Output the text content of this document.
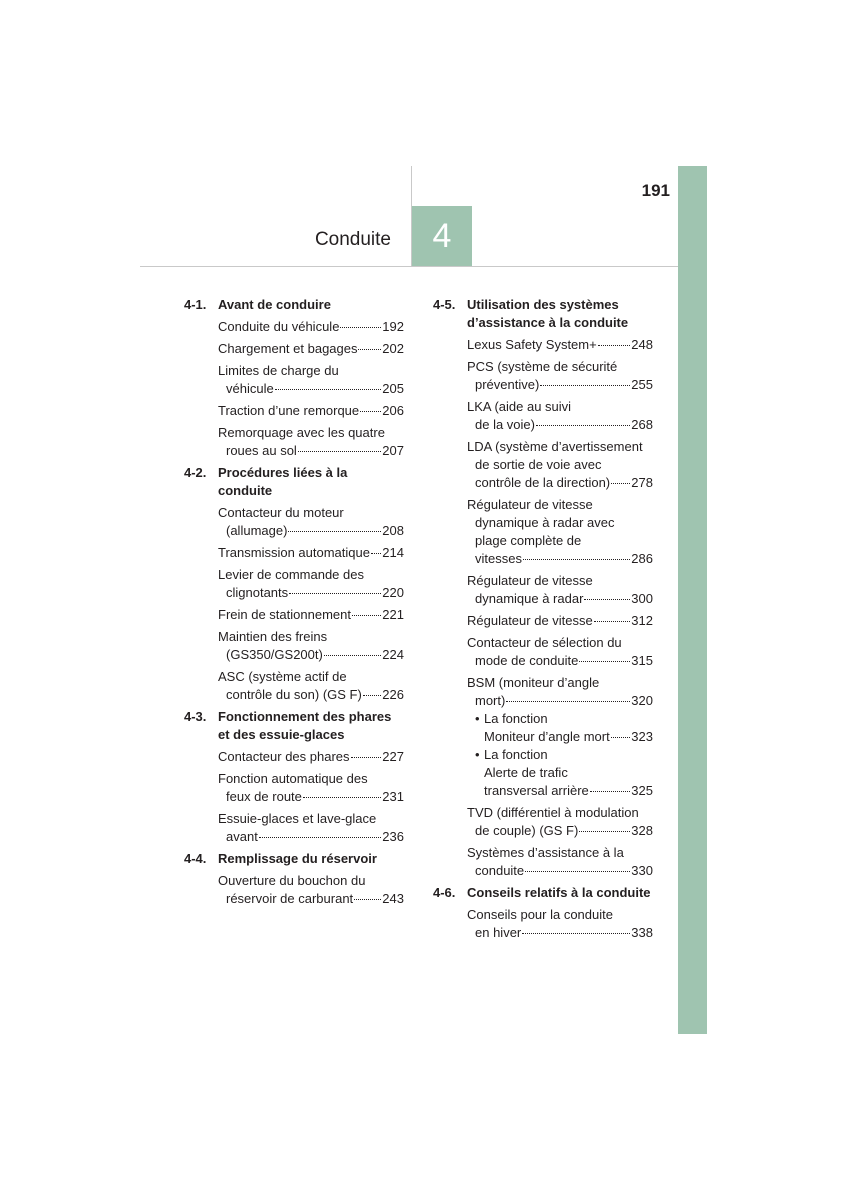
4
Conduite
191
4-1. Avant de conduire
Conduite du véhicule	192
Chargement et bagages 202
Limites de charge du
véhicule	205
Traction d’une remorque 206
Remorquage avec les quatre
roues au sol	207
4-2. Procédures liées à la conduite
Contacteur du moteur
(allumage)	208
Transmission automatique 214
Levier de commande des
clignotants	220
Frein de stationnement 221
Maintien des freins
(GS350/GS200t)	224
ASC (système actif de
contrôle du son) (GS F) 226
4-3. Fonctionnement des phares et des essuie-glaces
Contacteur des phares	227
Fonction automatique des
feux de route	231
Essuie-glaces et lave-glace
avant	236
4-4. Remplissage du réservoir
Ouverture du bouchon du
réservoir de carburant 243
4-5. Utilisation des systèmes d’assistance à la conduite
Lexus Safety System+	248
PCS (système de sécurité
préventive)	255
LKA (aide au suivi
de la voie)	268
LDA (système d’avertissement
de sortie de voie avec
contrôle de la direction) 278
Régulateur de vitesse
dynamique à radar avec
plage complète de
vitesses	286
Régulateur de vitesse
dynamique à radar	300
Régulateur de vitesse	312
Contacteur de sélection du
mode de conduite	315
BSM (moniteur d’angle
mort)	320
• La fonction
Moniteur d’angle mort 323
• La fonction
Alerte de trafic
transversal arrière	325
TVD (différentiel à modulation
de couple) (GS F)	328
Systèmes d’assistance à la
conduite	330
4-6. Conseils relatifs à la conduite
Conseils pour la conduite
en hiver	338
